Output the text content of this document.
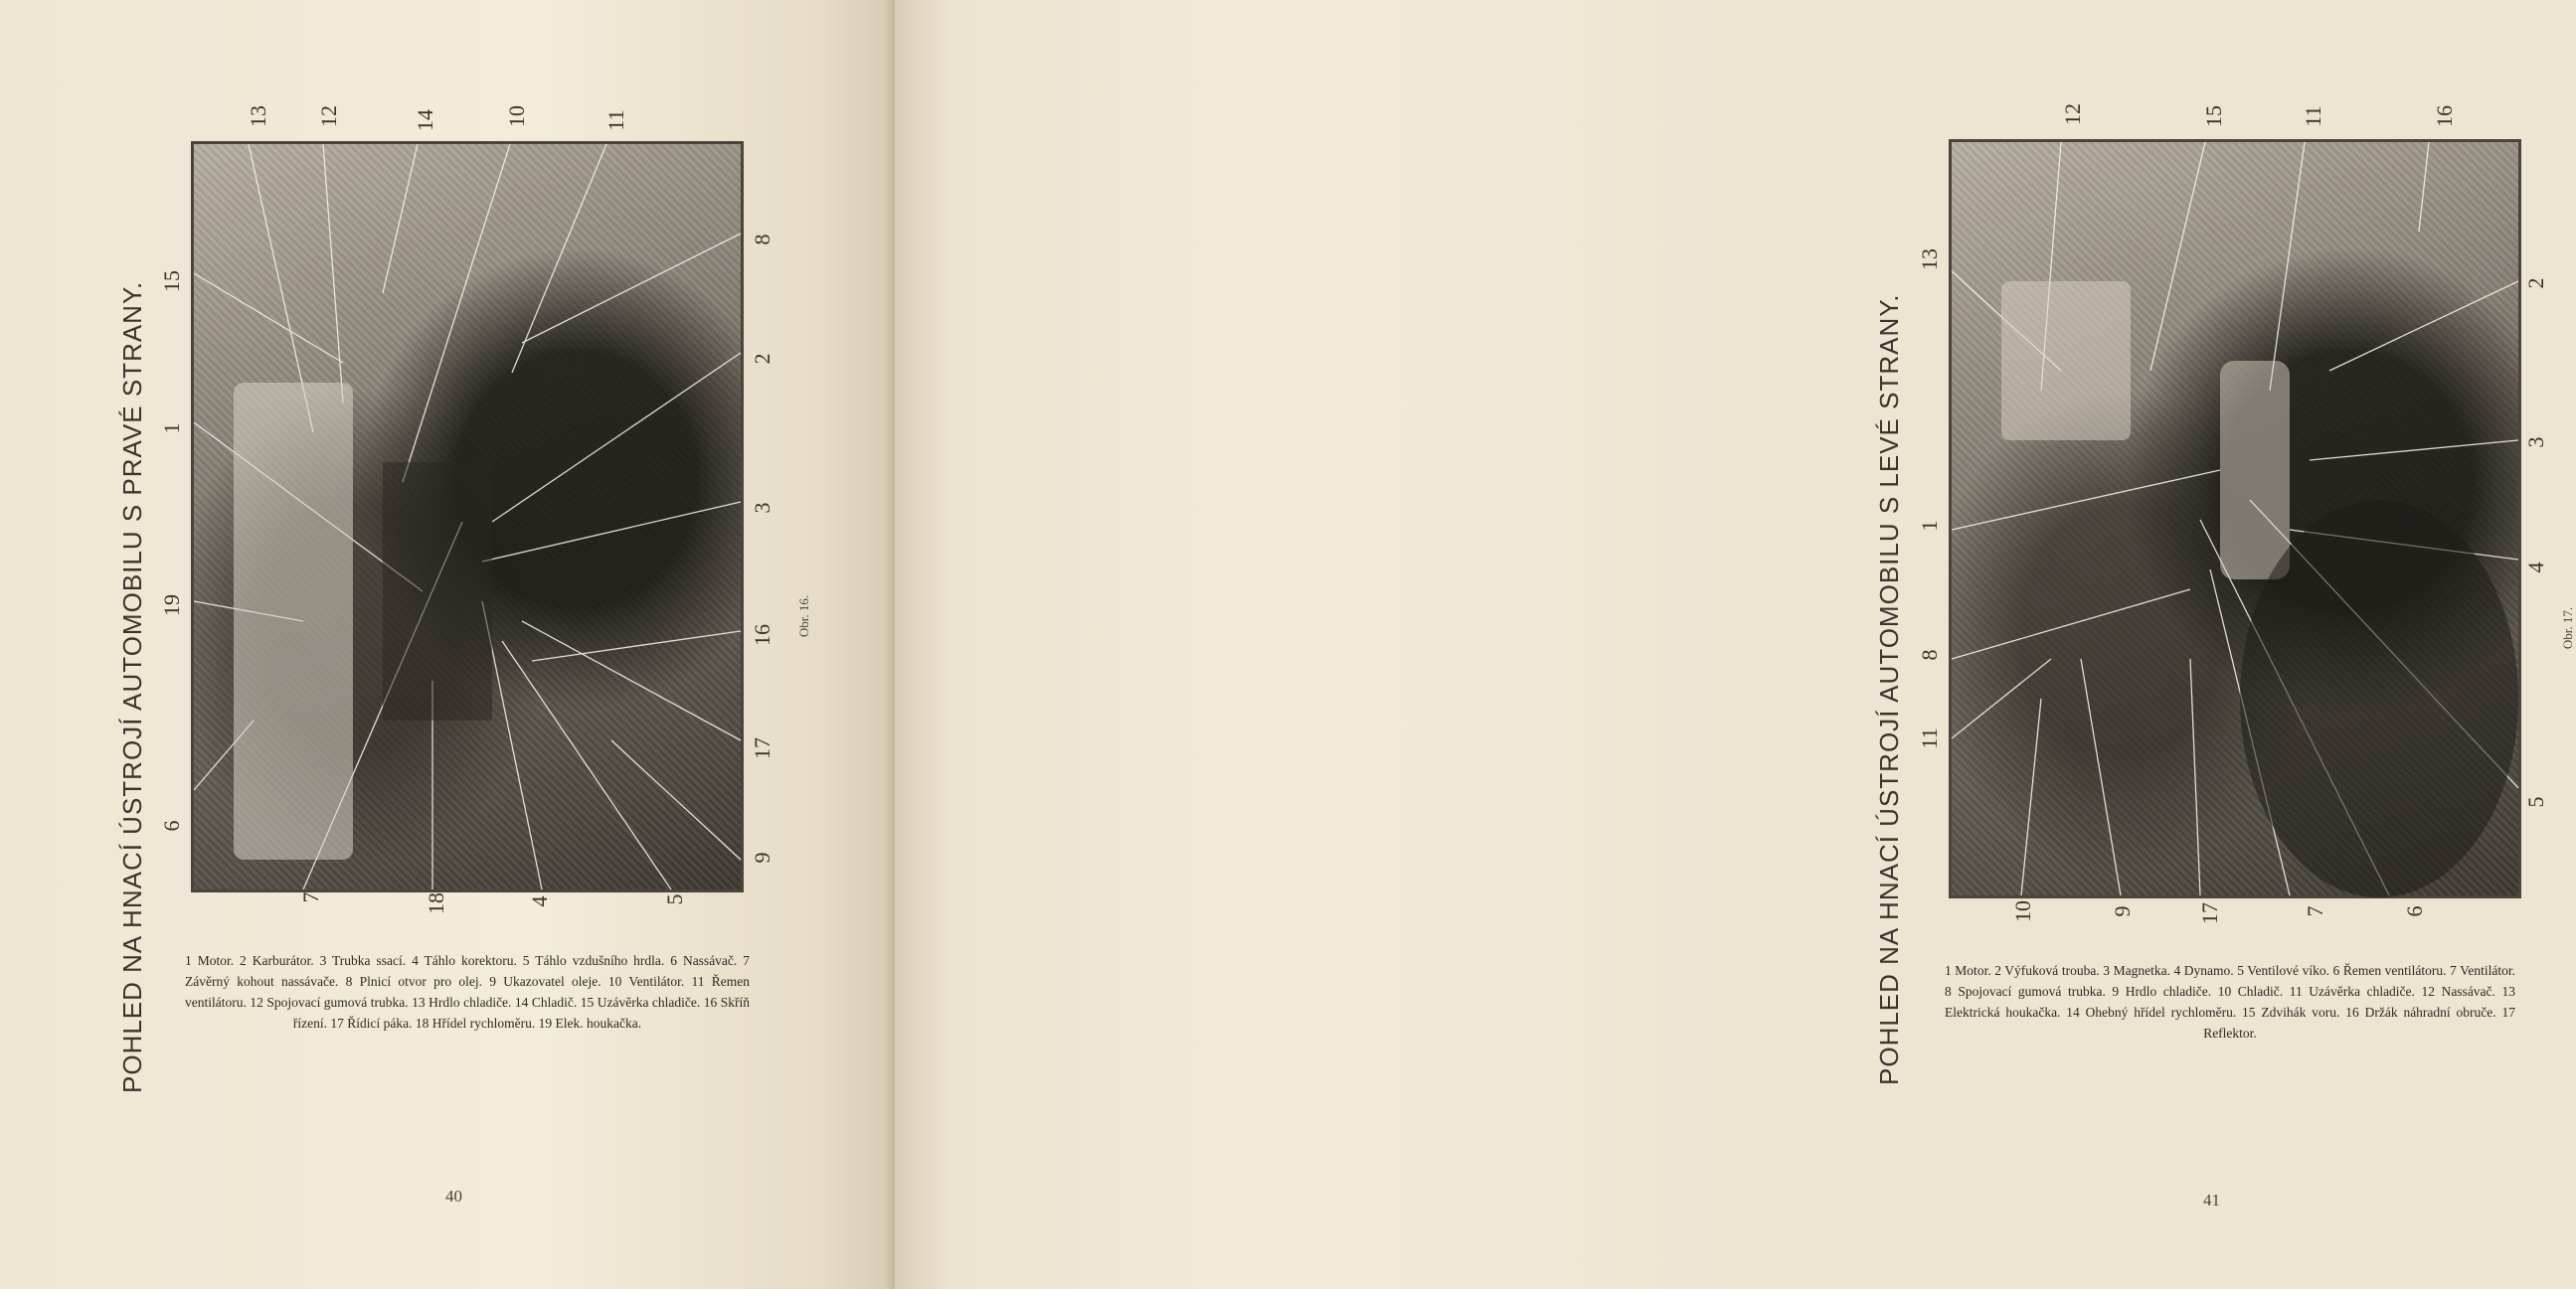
POHLED NA HNACÍ ÚSTROJÍ AUTOMOBILU S PRAVÉ STRANY.
13 12	14	10	11
15
1
19
6
8
2
3
16
17
9
Obr. 16.
7	18	4	5
1 Motor. 2 Karburátor. 3 Trubka ssací. 4 Táhlo korektoru. 5 Táhlo vzdušního hrdla. 6 Nassávač. 7 Závěrný kohout nassávače. 8 Plnicí otvor pro olej. 9 Ukazovatel oleje. 10 Ventilátor. 11 Řemen ventilátoru. 12 Spojovací gumová trubka. 13 Hrdlo chladiče. 14 Chladič. 15 Uzávěrka chladiče. 16 Skříň řízení. 17 Řídicí páka. 18 Hřídel rychloměru. 19 Elek. houkačka.
40
POHLED NA HNACÍ ÚSTROJÍ AUTOMOBILU S LEVÉ STRANY.
12	15	11	16
13
1
8
11
2
3
4
5
Obr. 17.
10	9	17	7	6
1 Motor. 2 Výfuková trouba. 3 Magnetka. 4 Dynamo. 5 Ventilové víko. 6 Řemen ventilátoru. 7 Ventilátor. 8 Spojovací gumová trubka. 9 Hrdlo chladiče. 10 Chladič. 11 Uzávěrka chladiče. 12 Nassávač. 13 Elektrická houkačka. 14 Ohebný hřídel rychloměru. 15 Zdvihák voru. 16 Držák náhradní obruče. 17 Reflektor.
41
